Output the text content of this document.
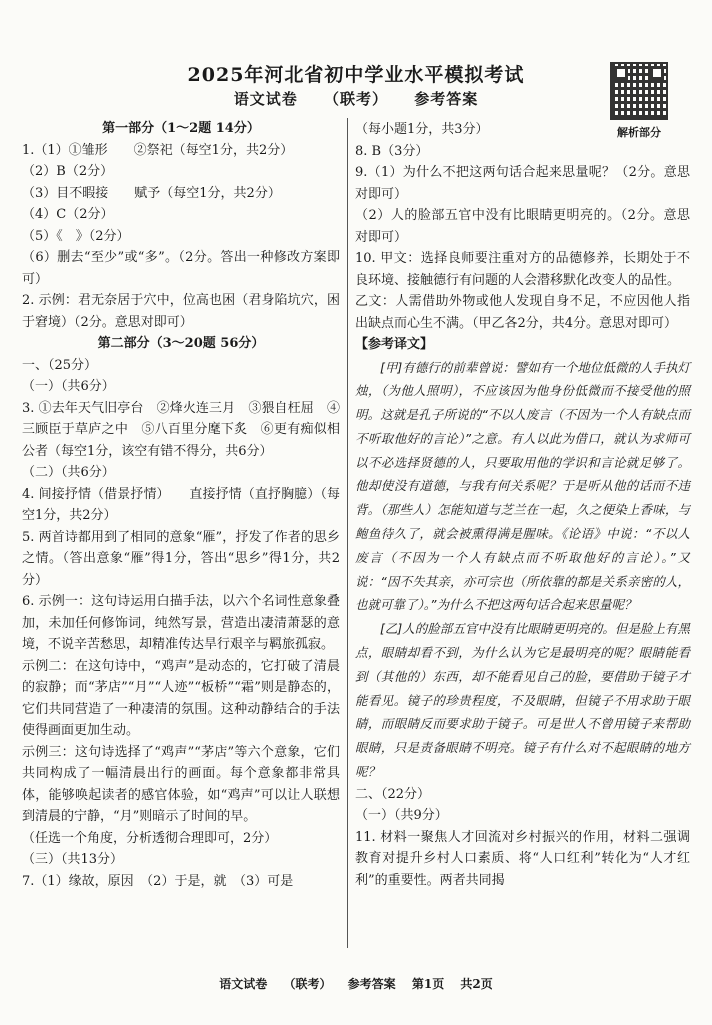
2025年河北省初中学业水平模拟考试
语文试卷 （联考） 参考答案
解析部分
第一部分（1～2题 14分）
1.（1）①雏形　　②祭祀（每空1分，共2分）
（2）B（2分）
（3）目不暇接　　赋予（每空1分，共2分）
（4）C（2分）
（5）《　》（2分）
（6）删去“至少”或“多”。（2分。答出一种修改方案即可）
2. 示例：君无奈居于穴中，位高也困（君身陷坑穴，困于窘境）（2分。意思对即可）
第二部分（3～20题 56分）
一、（25分）
（一）（共6分）
3. ①去年天气旧亭台　②烽火连三月　③猥自枉屈　④三顾臣于草庐之中　⑤八百里分麾下炙　⑥更有痴似相公者（每空1分，该空有错不得分，共6分）
（二）（共6分）
4. 间接抒情（借景抒情）　　直接抒情（直抒胸臆）（每空1分，共2分）
5. 两首诗都用到了相同的意象“雁”，抒发了作者的思乡之情。（答出意象“雁”得1分，答出“思乡”得1分，共2分）
6. 示例一：这句诗运用白描手法，以六个名词性意象叠加，未加任何修饰词，纯然写景，营造出凄清萧瑟的意境，不说辛苦愁思，却精准传达旱行艰辛与羁旅孤寂。
示例二：在这句诗中，“鸡声”是动态的，它打破了清晨的寂静；而“茅店”“月”“人迹”“板桥”“霜”则是静态的，它们共同营造了一种凄清的氛围。这种动静结合的手法使得画面更加生动。
示例三：这句诗选择了“鸡声”“茅店”等六个意象，它们共同构成了一幅清晨出行的画面。每个意象都非常具体，能够唤起读者的感官体验，如“鸡声”可以让人联想到清晨的宁静，“月”则暗示了时间的早。
（任选一个角度，分析透彻合理即可，2分）
（三）（共13分）
7.（1）缘故，原因　（2）于是，就　（3）可是
（每小题1分，共3分）
8. B（3分）
9.（1）为什么不把这两句话合起来思量呢？（2分。意思对即可）
（2）人的脸部五官中没有比眼睛更明亮的。（2分。意思对即可）
10. 甲文：选择良师要注重对方的品德修养，长期处于不良环境、接触德行有问题的人会潜移默化改变人的品性。
乙文：人需借助外物或他人发现自身不足，不应因他人指出缺点而心生不满。（甲乙各2分，共4分。意思对即可）
【参考译文】
[甲]有德行的前辈曾说：譬如有一个地位低微的人手执灯烛，（为他人照明），不应该因为他身份低微而不接受他的照明。这就是孔子所说的“不以人废言（不因为一个人有缺点而不听取他好的言论）”之意。有人以此为借口，就认为求师可以不必选择贤德的人，只要取用他的学识和言论就足够了。他却使没有道德，与我有何关系呢？于是听从他的话而不违背。（那些人）怎能知道与芝兰在一起，久之便染上香味，与鲍鱼待久了，就会被熏得满是腥味。《论语》中说：“不以人废言（不因为一个人有缺点而不听取他好的言论）。”又说：“因不失其亲，亦可宗也（所依靠的都是关系亲密的人，也就可靠了）。”为什么不把这两句话合起来思量呢？
[乙]人的脸部五官中没有比眼睛更明亮的。但是脸上有黑点，眼睛却看不到，为什么认为它是最明亮的呢？眼睛能看到（其他的）东西，却不能看见自己的脸，要借助于镜子才能看见。镜子的珍贵程度，不及眼睛，但镜子不用求助于眼睛，而眼睛反而要求助于镜子。可是世人不曾用镜子来帮助眼睛，只是责备眼睛不明亮。镜子有什么对不起眼睛的地方呢？
二、（22分）
（一）（共9分）
11. 材料一聚焦人才回流对乡村振兴的作用，材料二强调教育对提升乡村人口素质、将“人口红利”转化为“人才红利”的重要性。两者共同揭
语文试卷 （联考） 参考答案 第1页 共2页
